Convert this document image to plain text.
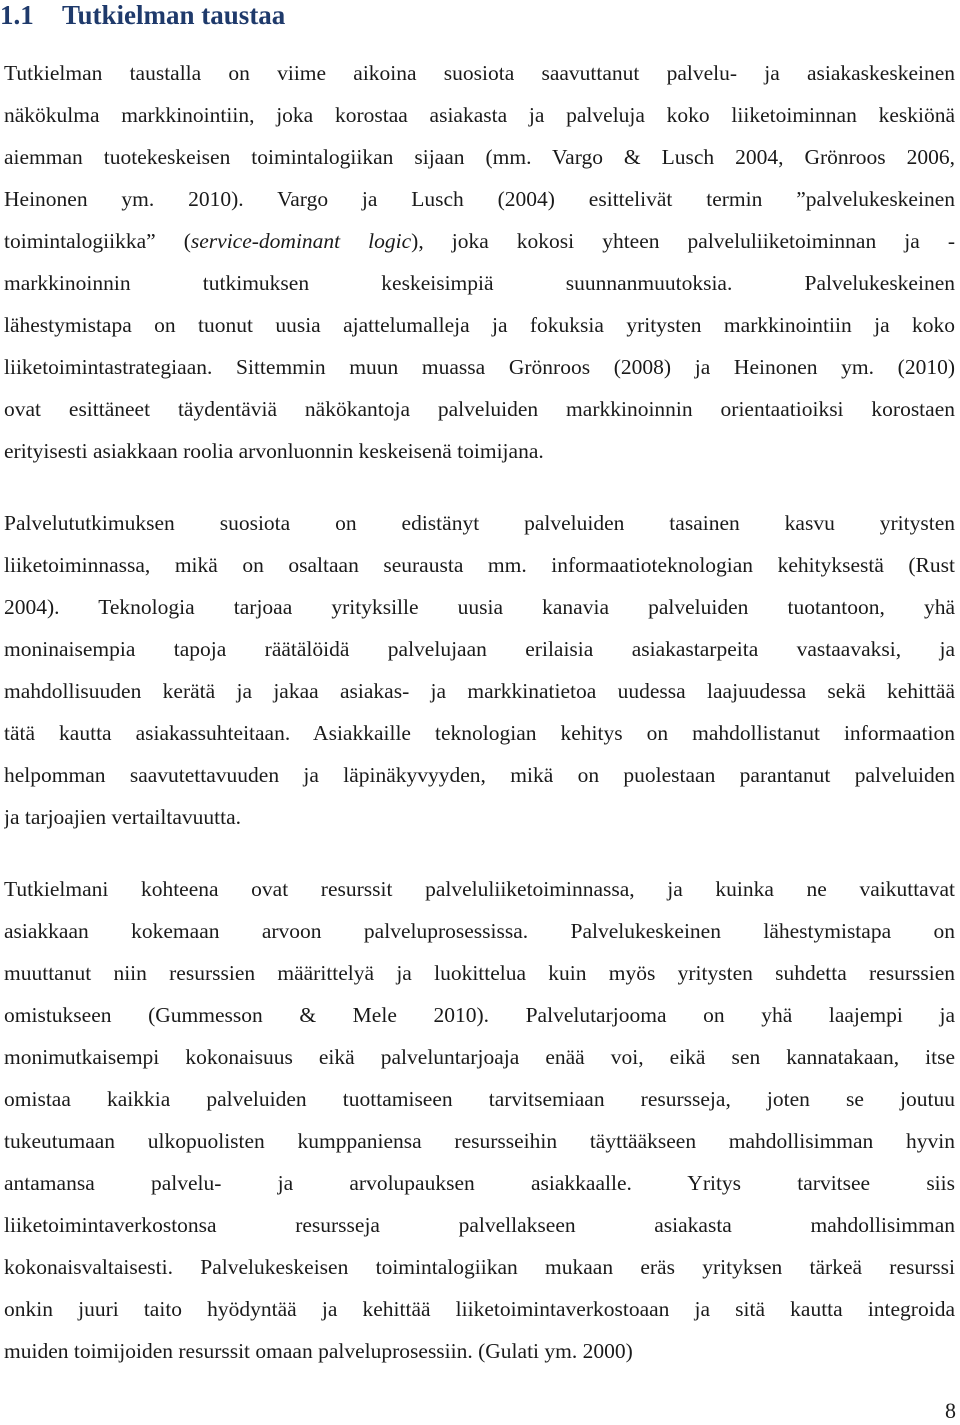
1.1 Tutkielman taustaa
Tutkielman taustalla on viime aikoina suosiota saavuttanut palvelu- ja asiakaskeskeinen
näkökulma markkinointiin, joka korostaa asiakasta ja palveluja koko liiketoiminnan keskiönä
aiemman tuotekeskeisen toimintalogiikan sijaan (mm. Vargo & Lusch 2004, Grönroos 2006,
Heinonen ym. 2010). Vargo ja Lusch (2004) esittelivät termin ”palvelukeskeinen
toimintalogiikka” (service-dominant logic), joka kokosi yhteen palveluliiketoiminnan ja -
markkinoinnin tutkimuksen keskeisimpiä suunnanmuutoksia. Palvelukeskeinen
lähestymistapa on tuonut uusia ajattelumalleja ja fokuksia yritysten markkinointiin ja koko
liiketoimintastrategiaan. Sittemmin muun muassa Grönroos (2008) ja Heinonen ym. (2010)
ovat esittäneet täydentäviä näkökantoja palveluiden markkinoinnin orientaatioiksi korostaen
erityisesti asiakkaan roolia arvonluonnin keskeisenä toimijana.
Palvelututkimuksen suosiota on edistänyt palveluiden tasainen kasvu yritysten
liiketoiminnassa, mikä on osaltaan seurausta mm. informaatioteknologian kehityksestä (Rust
2004). Teknologia tarjoaa yrityksille uusia kanavia palveluiden tuotantoon, yhä
moninaisempia tapoja räätälöidä palvelujaan erilaisia asiakastarpeita vastaavaksi, ja
mahdollisuuden kerätä ja jakaa asiakas- ja markkinatietoa uudessa laajuudessa sekä kehittää
tätä kautta asiakassuhteitaan. Asiakkaille teknologian kehitys on mahdollistanut informaation
helpomman saavutettavuuden ja läpinäkyvyyden, mikä on puolestaan parantanut palveluiden
ja tarjoajien vertailtavuutta.
Tutkielmani kohteena ovat resurssit palveluliiketoiminnassa, ja kuinka ne vaikuttavat
asiakkaan kokemaan arvoon palveluprosessissa. Palvelukeskeinen lähestymistapa on
muuttanut niin resurssien määrittelyä ja luokittelua kuin myös yritysten suhdetta resurssien
omistukseen (Gummesson & Mele 2010). Palvelutarjooma on yhä laajempi ja
monimutkaisempi kokonaisuus eikä palveluntarjoaja enää voi, eikä sen kannatakaan, itse
omistaa kaikkia palveluiden tuottamiseen tarvitsemiaan resursseja, joten se joutuu
tukeutumaan ulkopuolisten kumppaniensa resursseihin täyttääkseen mahdollisimman hyvin
antamansa palvelu- ja arvolupauksen asiakkaalle. Yritys tarvitsee siis
liiketoimintaverkostonsa resursseja palvellakseen asiakasta mahdollisimman
kokonaisvaltaisesti. Palvelukeskeisen toimintalogiikan mukaan eräs yrityksen tärkeä resurssi
onkin juuri taito hyödyntää ja kehittää liiketoimintaverkostoaan ja sitä kautta integroida
muiden toimijoiden resurssit omaan palveluprosessiin. (Gulati ym. 2000)
8
